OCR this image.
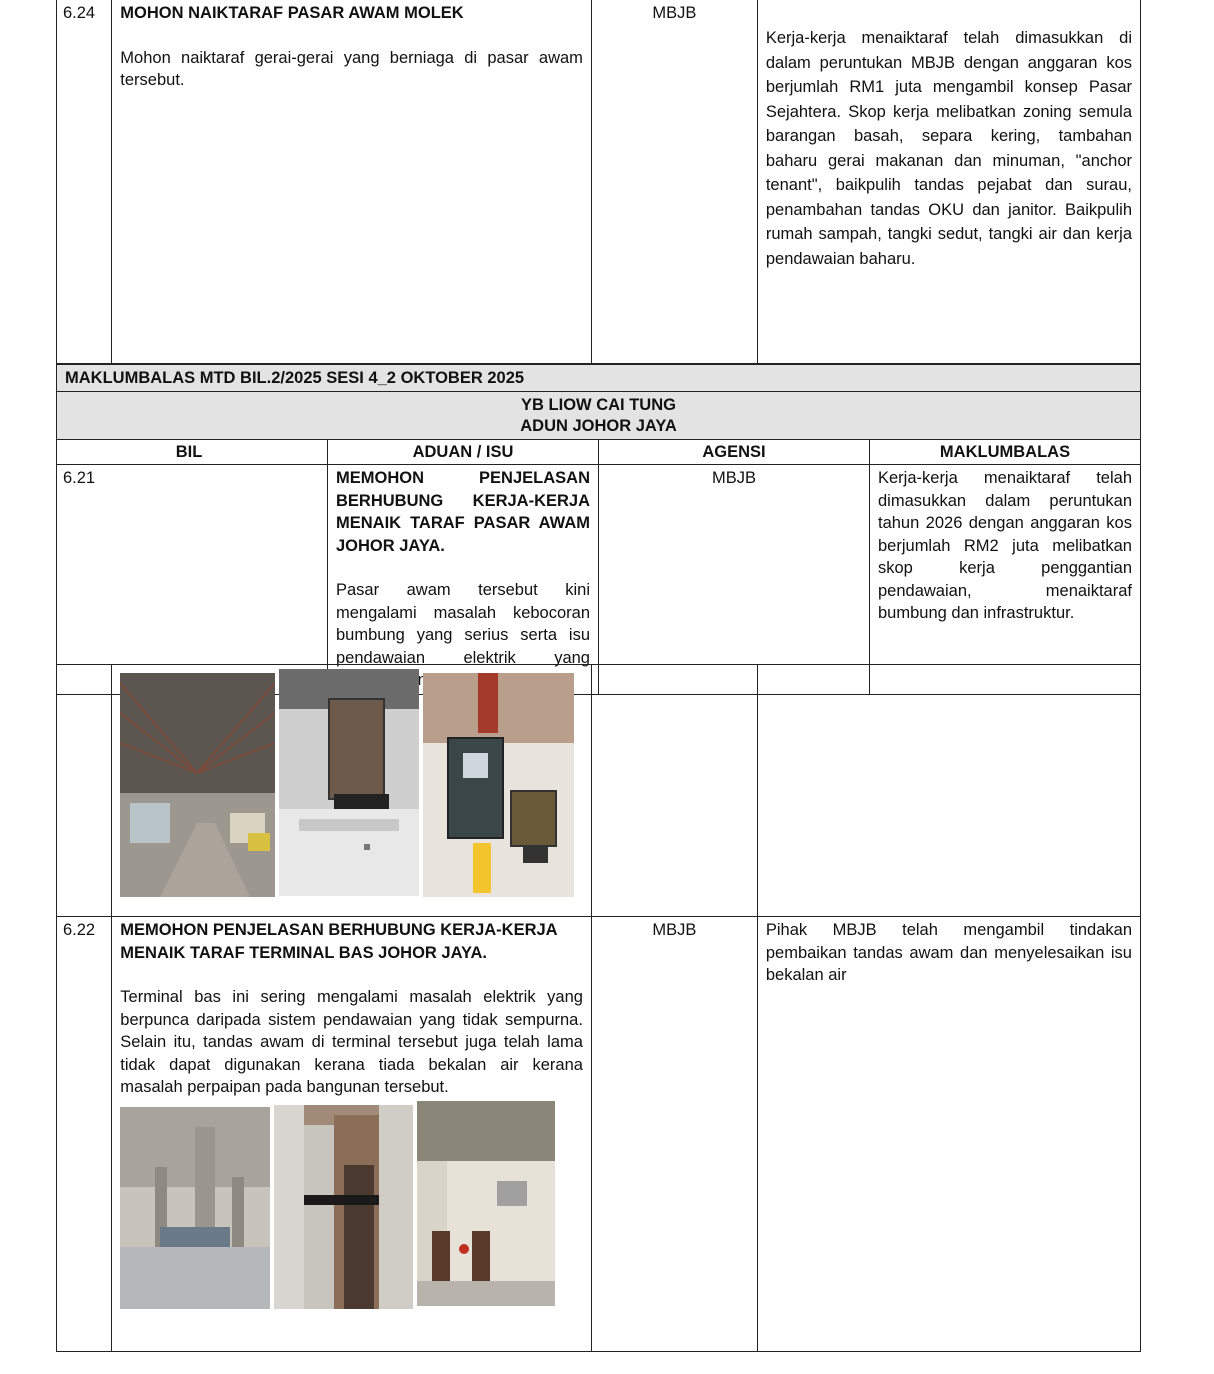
6.24	MOHON NAIKTARAF PASAR AWAM MOLEK
Mohon naiktaraf gerai-gerai yang berniaga di pasar awam tersebut.
	MBJB	Kerja-kerja menaiktaraf telah dimasukkan di dalam peruntukan MBJB dengan anggaran kos berjumlah RM1 juta mengambil konsep Pasar Sejahtera. Skop kerja melibatkan zoning semula barangan basah, separa kering, tambahan baharu gerai makanan dan minuman, "anchor tenant", baikpulih tandas pejabat dan surau, penambahan tandas OKU dan janitor. Baikpulih rumah sampah, tangki sedut, tangki air dan kerja pendawaian baharu.
MAKLUMBALAS MTD BIL.2/2025 SESI 4_2 OKTOBER 2025			

YB LIOW CAI TUNG
ADUN JOHOR JAYA			

BIL	ADUAN / ISU	AGENSI	MAKLUMBALAS
6.21	MEMOHON PENJELASAN BERHUBUNG KERJA-KERJA MENAIK TARAF PASAR AWAM JOHOR JAYA.
Pasar awam tersebut kini mengalami masalah kebocoran bumbung yang serius serta isu pendawaian elektrik yang	MBJB	Kerja-kerja menaiktaraf telah dimasukkan dalam peruntukan tahun 2026 dengan anggaran kos berjumlah RM2 juta melibatkan skop kerja penggantian pendawaian, menaiktaraf bumbung dan infrastruktur.

6.22	MEMOHON PENJELASAN BERHUBUNG KERJA-KERJA MENAIK TARAF TERMINAL BAS JOHOR JAYA.
Terminal bas ini sering mengalami masalah elektrik yang berpunca daripada sistem pendawaian yang tidak sempurna. Selain itu, tandas awam di terminal tersebut juga telah lama tidak dapat digunakan kerana tiada bekalan air kerana masalah perpaipan pada bangunan tersebut.	MBJB	Pihak MBJB telah mengambil tindakan pembaikan tandas awam dan menyelesaikan isu bekalan air
